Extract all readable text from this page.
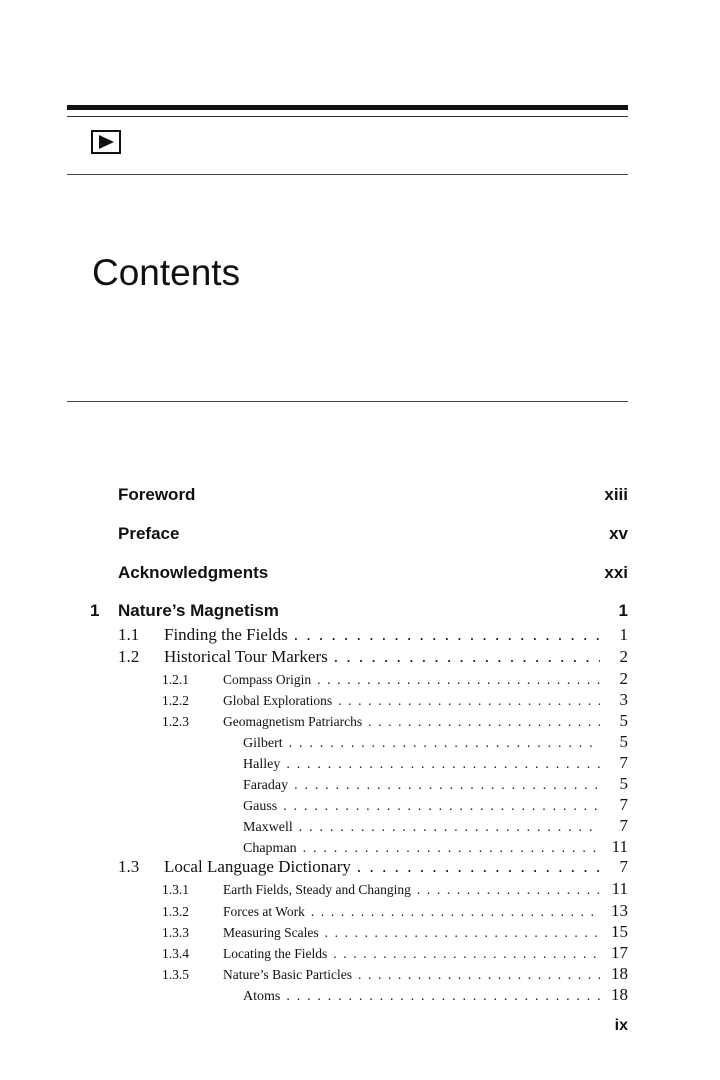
Contents
Foreword	xiii
Preface	xv
Acknowledgments	xxi
1 Nature’s Magnetism	1
1.1	Finding the Fields . . .	1
1.2	Historical Tour Markers . . .	2
1.2.1	Compass Origin . . .	2
1.2.2	Global Explorations . . .	3
1.2.3	Geomagnetism Patriarchs . . .	5
Gilbert . . .	5
Halley . . .	7
Faraday . . .	5
Gauss . . .	7
Maxwell . . .	7
Chapman . . .	11
1.3	Local Language Dictionary . . .	7
1.3.1	Earth Fields, Steady and Changing . . .	11
1.3.2	Forces at Work . . .	13
1.3.3	Measuring Scales . . .	15
1.3.4	Locating the Fields . . .	17
1.3.5	Nature’s Basic Particles . . .	18
Atoms . . .	18
ix
